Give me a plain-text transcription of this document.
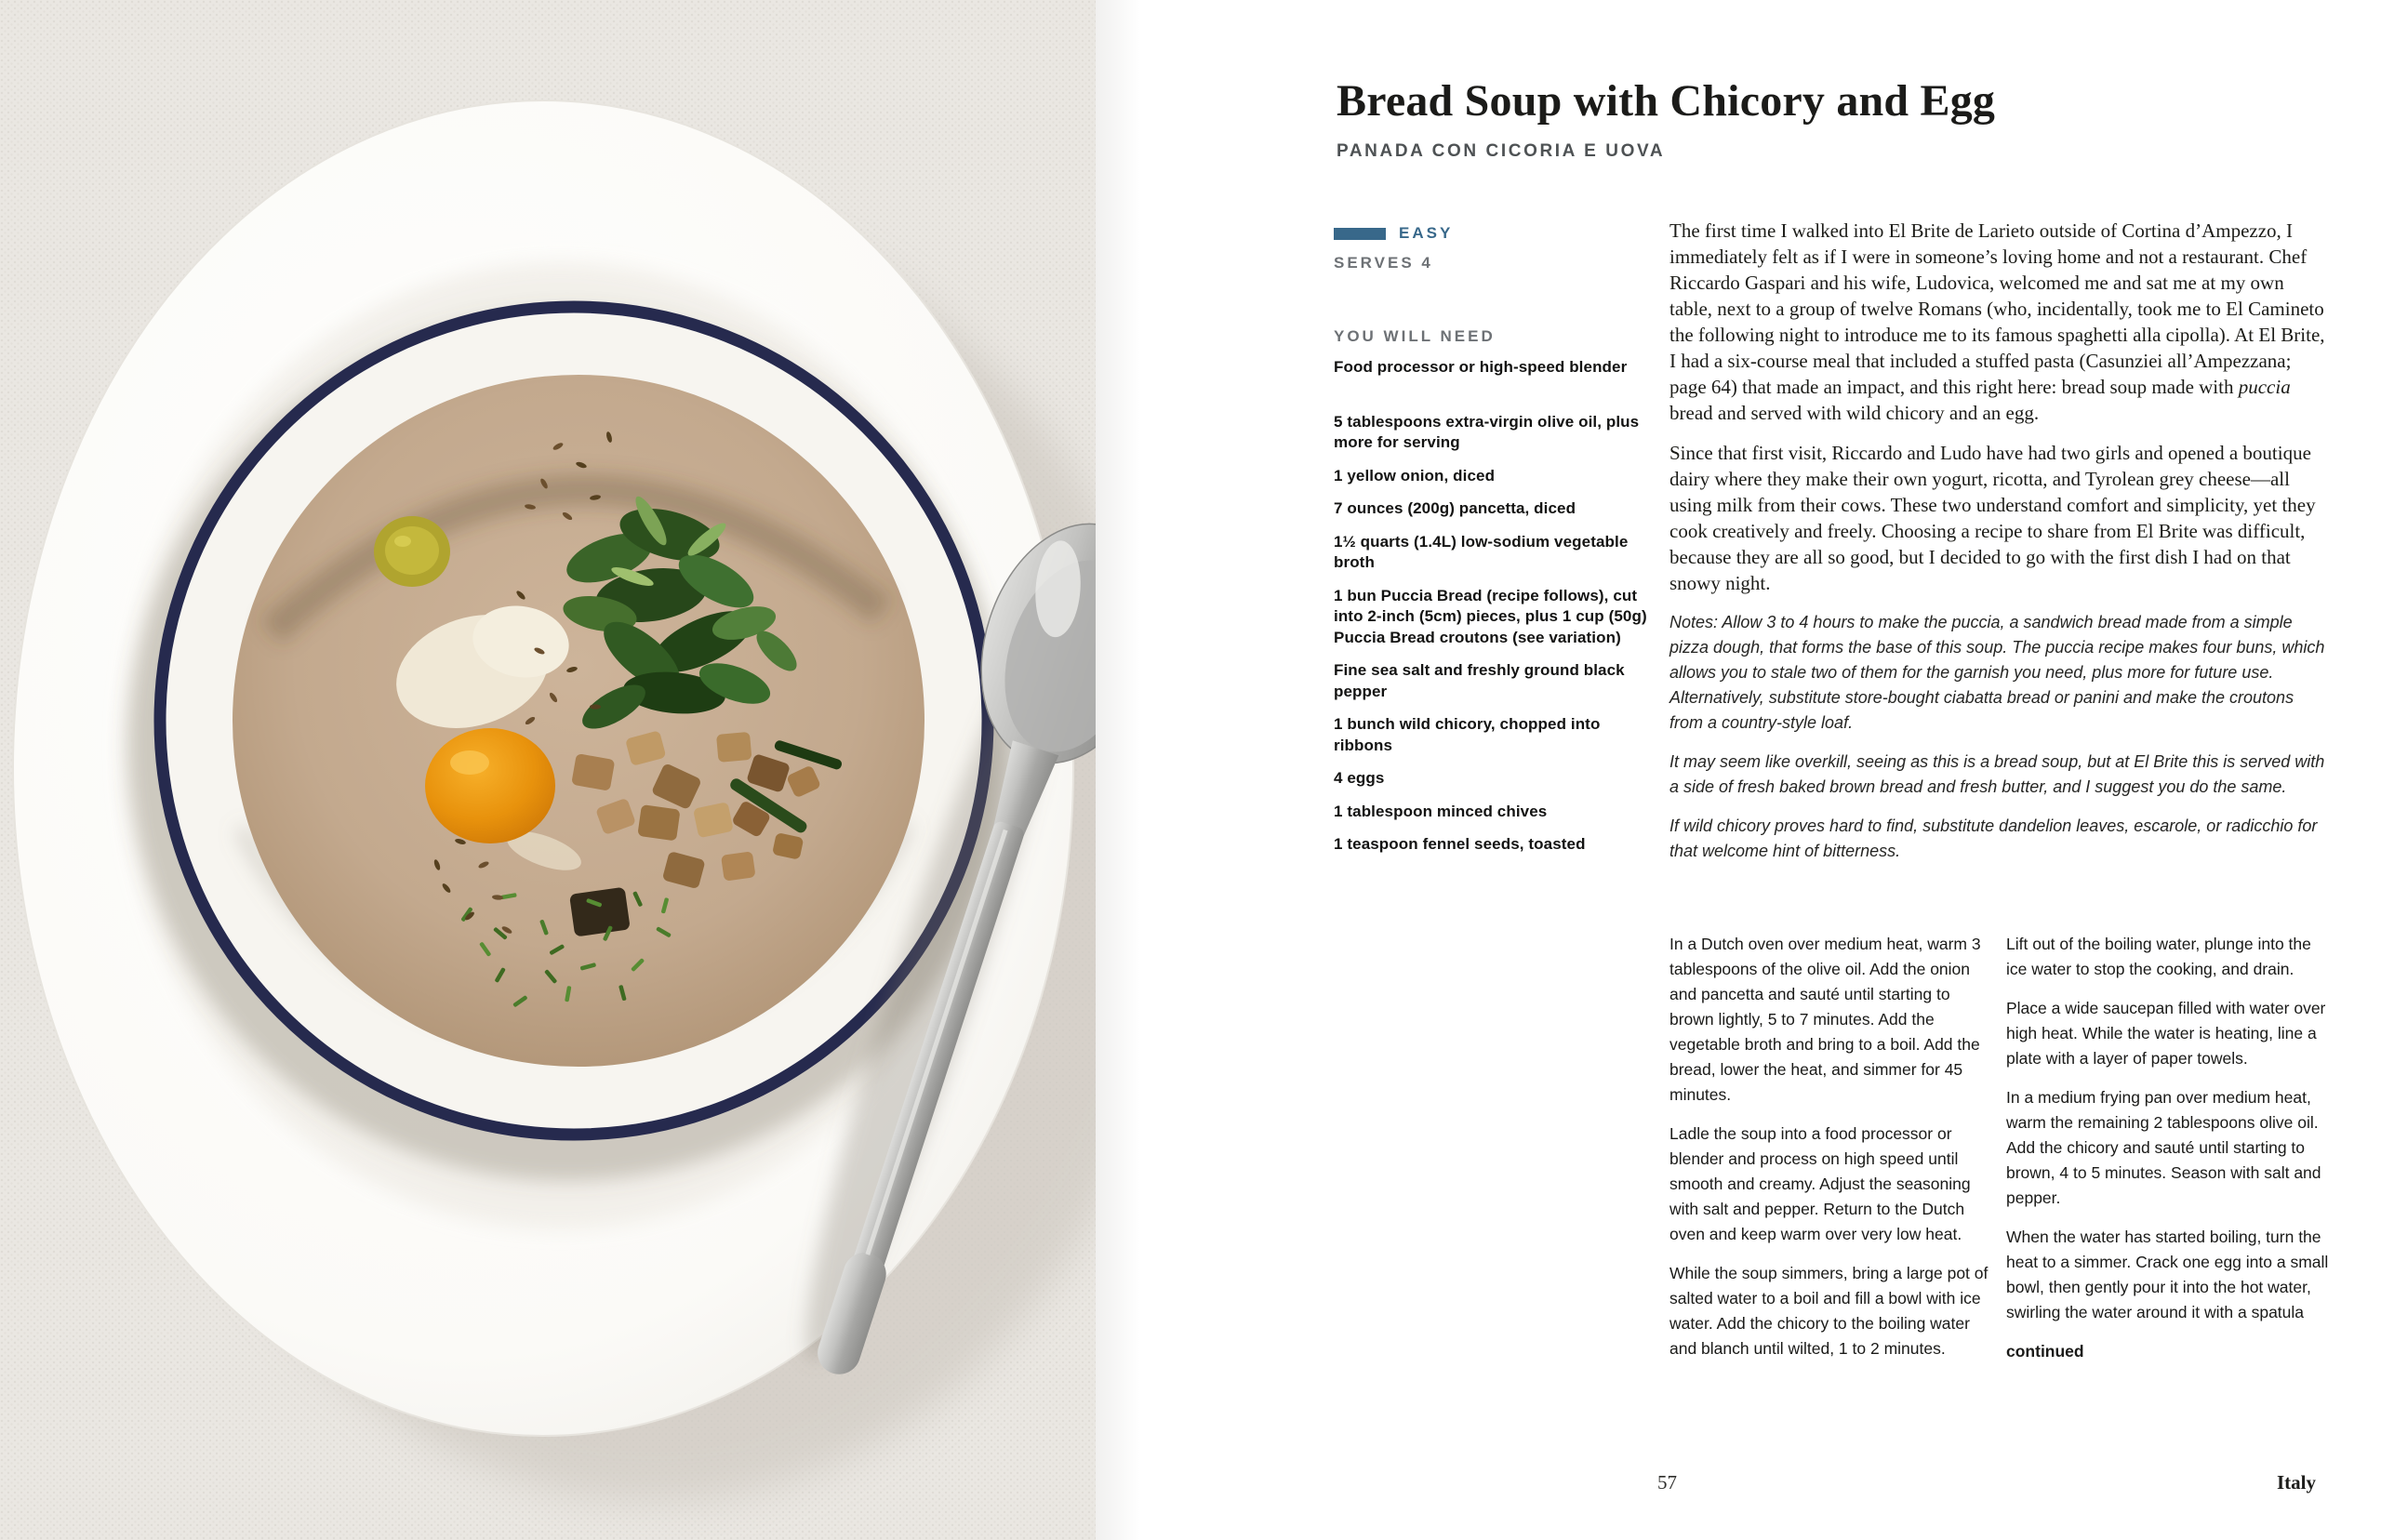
Bread Soup with Chicory and Egg
PANADA CON CICORIA E UOVA
EASY
SERVES 4
YOU WILL NEED

Food processor or high-speed blender

5 tablespoons extra-virgin olive oil, plus more for serving

1 yellow onion, diced

7 ounces (200g) pancetta, diced

1½ quarts (1.4L) low-sodium vegetable broth

1 bun Puccia Bread (recipe follows), cut into 2-inch (5cm) pieces, plus 1 cup (50g) Puccia Bread croutons (see variation)

Fine sea salt and freshly ground black pepper

1 bunch wild chicory, chopped into ribbons

4 eggs

1 tablespoon minced chives

1 teaspoon fennel seeds, toasted

The first time I walked into El Brite de Larieto outside of Cortina d’Ampezzo, I immediately felt as if I were in someone’s loving home and not a restaurant. Chef Riccardo Gaspari and his wife, Ludovica, welcomed me and sat me at my own table, next to a group of twelve Romans (who, incidentally, took me to El Camineto the following night to introduce me to its famous spaghetti alla cipolla). At El Brite, I had a six-course meal that included a stuffed pasta (Casunziei all’Ampezzana; page 64) that made an impact, and this right here: bread soup made with puccia bread and served with wild chicory and an egg.

Since that first visit, Riccardo and Ludo have had two girls and opened a boutique dairy where they make their own yogurt, ricotta, and Tyrolean grey cheese—all using milk from their cows. These two understand comfort and simplicity, yet they cook creatively and freely. Choosing a recipe to share from El Brite was difficult, because they are all so good, but I decided to go with the first dish I had on that snowy night.

Notes: Allow 3 to 4 hours to make the puccia, a sandwich bread made from a simple pizza dough, that forms the base of this soup. The puccia recipe makes four buns, which allows you to stale two of them for the garnish you need, plus more for future use. Alternatively, substitute store-bought ciabatta bread or panini and make the croutons from a country-style loaf.

It may seem like overkill, seeing as this is a bread soup, but at El Brite this is served with a side of fresh baked brown bread and fresh butter, and I suggest you do the same.

If wild chicory proves hard to find, substitute dandelion leaves, escarole, or radicchio for that welcome hint of bitterness.

In a Dutch oven over medium heat, warm 3 tablespoons of the olive oil. Add the onion and pancetta and sauté until starting to brown lightly, 5 to 7 minutes. Add the vegetable broth and bring to a boil. Add the bread, lower the heat, and simmer for 45 minutes.

Ladle the soup into a food processor or blender and process on high speed until smooth and creamy. Adjust the seasoning with salt and pepper. Return to the Dutch oven and keep warm over very low heat.

While the soup simmers, bring a large pot of salted water to a boil and fill a bowl with ice water. Add the chicory to the boiling water and blanch until wilted, 1 to 2 minutes.

Lift out of the boiling water, plunge into the ice water to stop the cooking, and drain.

Place a wide saucepan filled with water over high heat. While the water is heating, line a plate with a layer of paper towels.

In a medium frying pan over medium heat, warm the remaining 2 tablespoons olive oil. Add the chicory and sauté until starting to brown, 4 to 5 minutes. Season with salt and pepper.

When the water has started boiling, turn the heat to a simmer. Crack one egg into a small bowl, then gently pour it into the hot water, swirling the water around it with a spatula

continued

57	Italy
